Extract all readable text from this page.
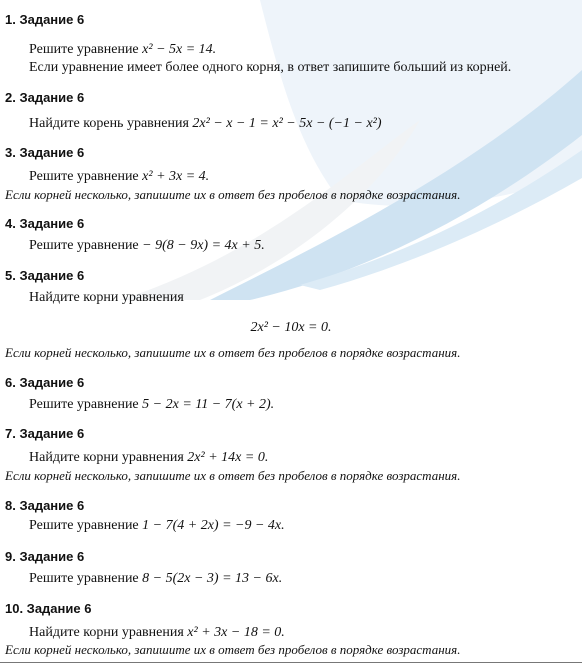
1. Задание 6
Решите уравнение x² − 5x = 14.
Если уравнение имеет более одного корня, в ответ запишите больший из корней.
2. Задание 6
Найдите корень уравнения 2x² − x − 1 = x² − 5x − (−1 − x²)
3. Задание 6
Решите уравнение x² + 3x = 4.
Если корней несколько, запишите их в ответ без пробелов в порядке возрастания.
4. Задание 6
Решите уравнение − 9(8 − 9x) = 4x + 5.
5. Задание 6
Найдите корни уравнения
2x² − 10x = 0.
Если корней несколько, запишите их в ответ без пробелов в порядке возрастания.
6. Задание 6
Решите уравнение 5 − 2x = 11 − 7(x + 2).
7. Задание 6
Найдите корни уравнения 2x² + 14x = 0.
Если корней несколько, запишите их в ответ без пробелов в порядке возрастания.
8. Задание 6
Решите уравнение 1 − 7(4 + 2x) = −9 − 4x.
9. Задание 6
Решите уравнение 8 − 5(2x − 3) = 13 − 6x.
10. Задание 6
Найдите корни уравнения x² + 3x − 18 = 0.
Если корней несколько, запишите их в ответ без пробелов в порядке возрастания.
